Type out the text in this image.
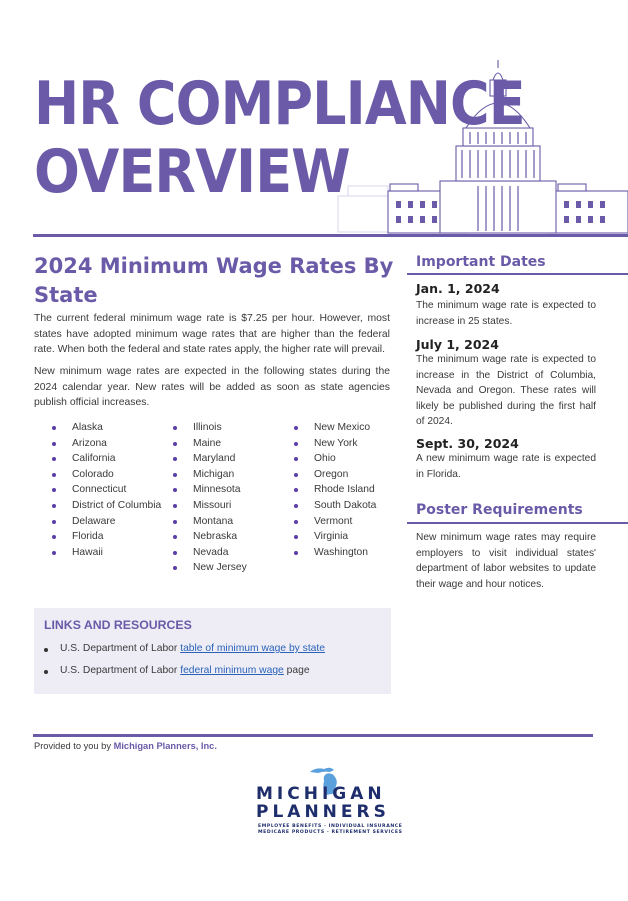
HR COMPLIANCE
OVERVIEW
2024 Minimum Wage Rates By State

The current federal minimum wage rate is $7.25 per hour. However, most states have adopted minimum wage rates that are higher than the federal rate. When both the federal and state rates apply, the higher rate will prevail.

New minimum wage rates are expected in the following states during the 2024 calendar year. New rates will be added as soon as state agencies publish official increases.

Alaska
Arizona
California
Colorado
Connecticut
District of Columbia
Delaware
Florida
Hawaii
Illinois
Maine
Maryland
Michigan
Minnesota
Missouri
Montana
Nebraska
Nevada
New Jersey
New Mexico
New York
Ohio
Oregon
Rhode Island
South Dakota
Vermont
Virginia
Washington
LINKS AND RESOURCES
U.S. Department of Labor table of minimum wage by state
U.S. Department of Labor federal minimum wage page
Important Dates
Jan. 1, 2024

The minimum wage rate is expected to increase in 25 states.

July 1, 2024

The minimum wage rate is expected to increase in the District of Columbia, Nevada and Oregon. These rates will likely be published during the first half of 2024.

Sept. 30, 2024

A new minimum wage rate is expected in Florida.

Poster Requirements

New minimum wage rates may require employers to visit individual states' department of labor websites to update their wage and hour notices.

Provided to you by Michigan Planners, Inc.
MICHIGAN
PLANNERS
EMPLOYEE BENEFITS · INDIVIDUAL INSURANCE
MEDICARE PRODUCTS · RETIREMENT SERVICES
